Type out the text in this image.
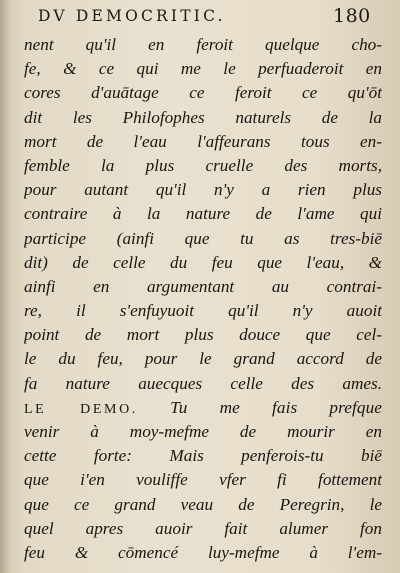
DV DEMOCRITIC.	180
nent qu'il en feroit quelque cho-
fe, & ce qui me le perfuaderoit en
cores d'auātage ce feroit ce qu'ōt
dit les Philofophes naturels de la
mort de l'eau l'affeurans tous en-
femble la plus cruelle des morts,
pour autant qu'il n'y a rien plus
contraire à la nature de l'ame qui
participe (ainfi que tu as tres-biē
dit) de celle du feu que l'eau, &
ainfi en argumentant au contrai-
re, il s'enfuyuoit qu'il n'y auoit
point de mort plus douce que cel-
le du feu, pour le grand accord de
fa nature auecques celle des ames.
LE DEMO. Tu me fais prefque
venir à moy-mefme de mourir en
cette forte: Mais penferois-tu biē
que i'en vouliffe vfer fi fottement
que ce grand veau de Peregrin, le
quel apres auoir fait alumer fon
feu & cōmencé luy-mefme à l'em-
